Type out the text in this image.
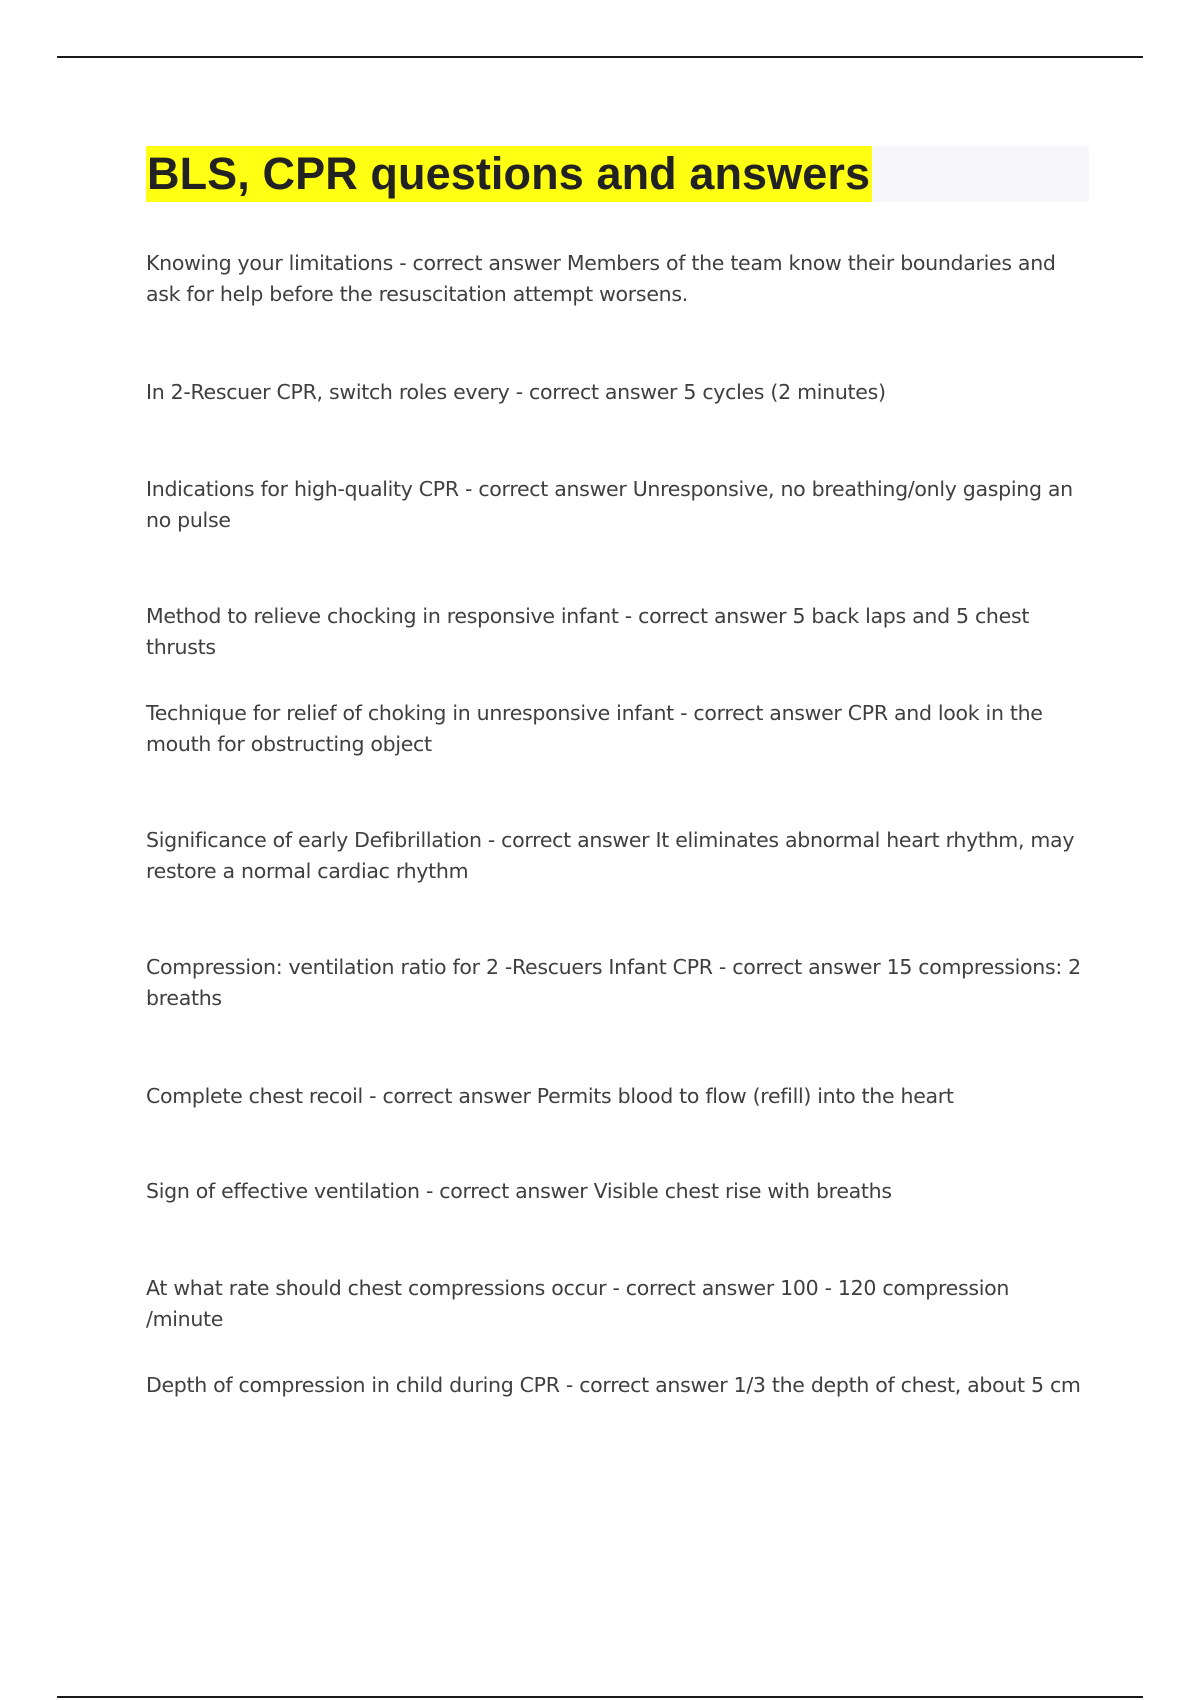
BLS, CPR questions and answers
Knowing your limitations - correct answer Members of the team know their boundaries and ask for help before the resuscitation attempt worsens.
In 2-Rescuer CPR, switch roles every - correct answer 5 cycles (2 minutes)
Indications for high-quality CPR - correct answer Unresponsive, no breathing/only gasping an no pulse
Method to relieve chocking in responsive infant - correct answer 5 back laps and 5 chest thrusts
Technique for relief of choking in unresponsive infant - correct answer CPR and look in the mouth for obstructing object
Significance of early Defibrillation - correct answer It eliminates abnormal heart rhythm, may restore a normal cardiac rhythm
Compression: ventilation ratio for 2 -Rescuers Infant CPR - correct answer 15 compressions: 2 breaths
Complete chest recoil - correct answer Permits blood to flow (refill) into the heart
Sign of effective ventilation - correct answer Visible chest rise with breaths
At what rate should chest compressions occur - correct answer 100 - 120 compression /minute
Depth of compression in child during CPR - correct answer 1/3 the depth of chest, about 5 cm
